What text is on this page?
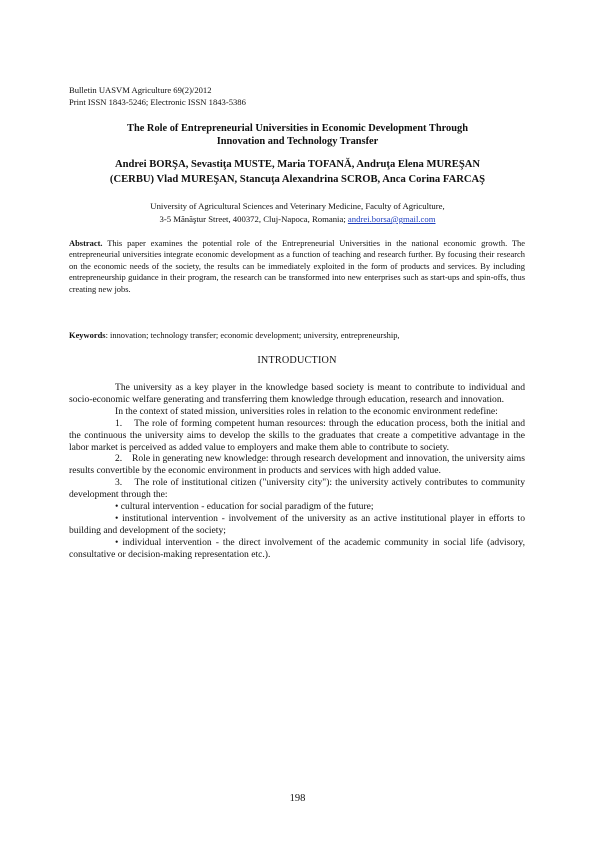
Bulletin UASVM Agriculture 69(2)/2012
Print ISSN 1843-5246; Electronic ISSN 1843-5386
The Role of Entrepreneurial Universities in Economic Development Through
Innovation and Technology Transfer
Andrei BORŞA, Sevastiţa MUSTE, Maria TOFANĂ, Andruţa Elena MUREŞAN
(CERBU) Vlad MUREŞAN, Stancuţa Alexandrina SCROB, Anca Corina FARCAŞ
University of Agricultural Sciences and Veterinary Medicine, Faculty of Agriculture,
3-5 Mănăştur Street, 400372, Cluj-Napoca, Romania; andrei.borsa@gmail.com
Abstract. This paper examines the potential role of the Entrepreneurial Universities in the national economic growth. The entrepreneurial universities integrate economic development as a function of teaching and research further. By focusing their research on the economic needs of the society, the results can be immediately exploited in the form of products and services. By including entrepreneurship guidance in their program, the research can be transformed into new enterprises such as start-ups and spin-offs, thus creating new jobs.
Keywords: innovation; technology transfer; economic development; university, entrepreneurship,
INTRODUCTION

The university as a key player in the knowledge based society is meant to contribute to individual and socio-economic welfare generating and transferring them knowledge through education, research and innovation.

In the context of stated mission, universities roles in relation to the economic environment redefine:

1.    The role of forming competent human resources: through the education process, both the initial and the continuous the university aims to develop the skills to the graduates that create a competitive advantage in the labor market is perceived as added value to employers and make them able to contribute to society.

2.    Role in generating new knowledge: through research development and innovation, the university aims results convertible by the economic environment in products and services with high added value.

3.    The role of institutional citizen ("university city"): the university actively contributes to community development through the:

• cultural intervention - education for social paradigm of the future;

• institutional intervention - involvement of the university as an active institutional player in efforts to building and development of the society;

• individual intervention - the direct involvement of the academic community in social life (advisory, consultative or decision-making representation etc.).

198
